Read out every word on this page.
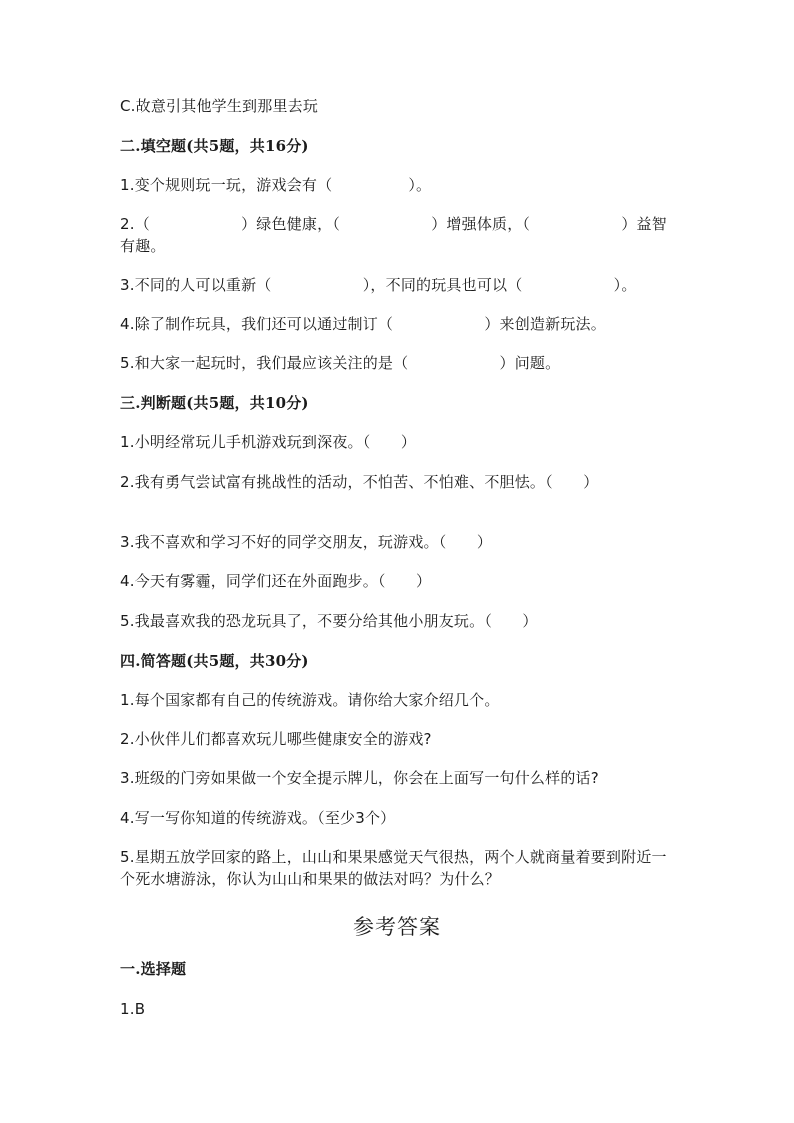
C.故意引其他学生到那里去玩
二.填空题(共5题，共16分)
1.变个规则玩一玩，游戏会有（　　　　　）。
2.（　　　　　　）绿色健康，（　　　　　　）增强体质，（　　　　　　）益智有趣。
3.不同的人可以重新（　　　　　　），不同的玩具也可以（　　　　　　）。
4.除了制作玩具，我们还可以通过制订（　　　　　　）来创造新玩法。
5.和大家一起玩时，我们最应该关注的是（　　　　　　）问题。
三.判断题(共5题，共10分)
1.小明经常玩儿手机游戏玩到深夜。（　　）
2.我有勇气尝试富有挑战性的活动，不怕苦、不怕难、不胆怯。（　　）
3.我不喜欢和学习不好的同学交朋友，玩游戏。（　　）
4.今天有雾霾，同学们还在外面跑步。（　　）
5.我最喜欢我的恐龙玩具了，不要分给其他小朋友玩。（　　）
四.简答题(共5题，共30分)
1.每个国家都有自己的传统游戏。请你给大家介绍几个。
2.小伙伴儿们都喜欢玩儿哪些健康安全的游戏?
3.班级的门旁如果做一个安全提示牌儿，你会在上面写一句什么样的话?
4.写一写你知道的传统游戏。（至少3个）
5.星期五放学回家的路上，山山和果果感觉天气很热，两个人就商量着要到附近一个死水塘游泳，你认为山山和果果的做法对吗？为什么？
参考答案
一.选择题
1.B
